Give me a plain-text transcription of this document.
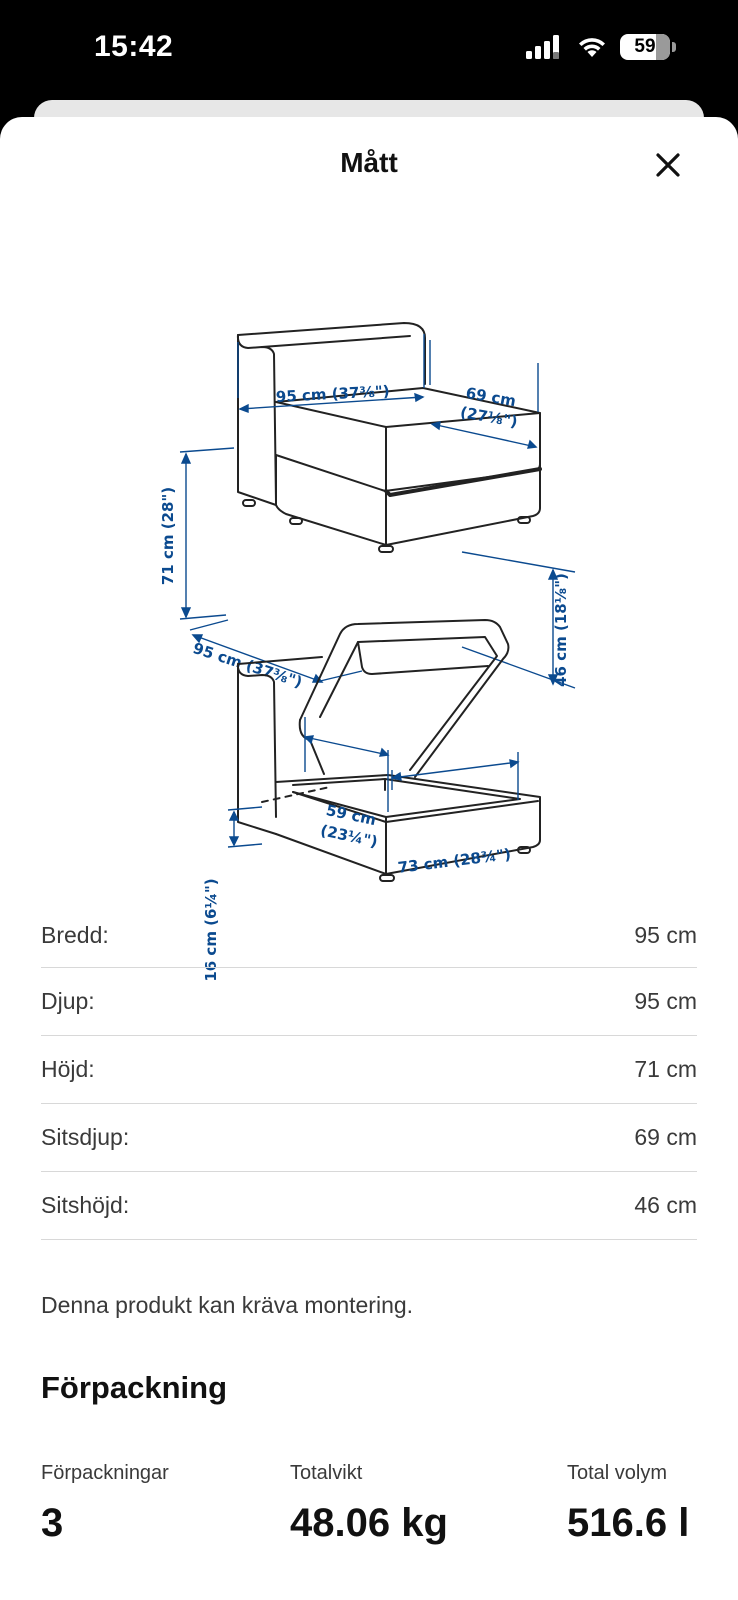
15:42	59
Mått
95 cm (37⅜")	69 cm
(27⅛")
71 cm (28")
95 cm (37⅜")	46 cm (18⅛")
59 cm
(23¼")
73 cm (28¾")
16 cm (6¼")
Bredd:	95 cm
Djup:	95 cm
Höjd:	71 cm
Sitsdjup:	69 cm
Sitshöjd:	46 cm
Denna produkt kan kräva montering.
Förpackning
Förpackningar
3
Totalvikt
48.06 kg
Total volym
516.6 l
